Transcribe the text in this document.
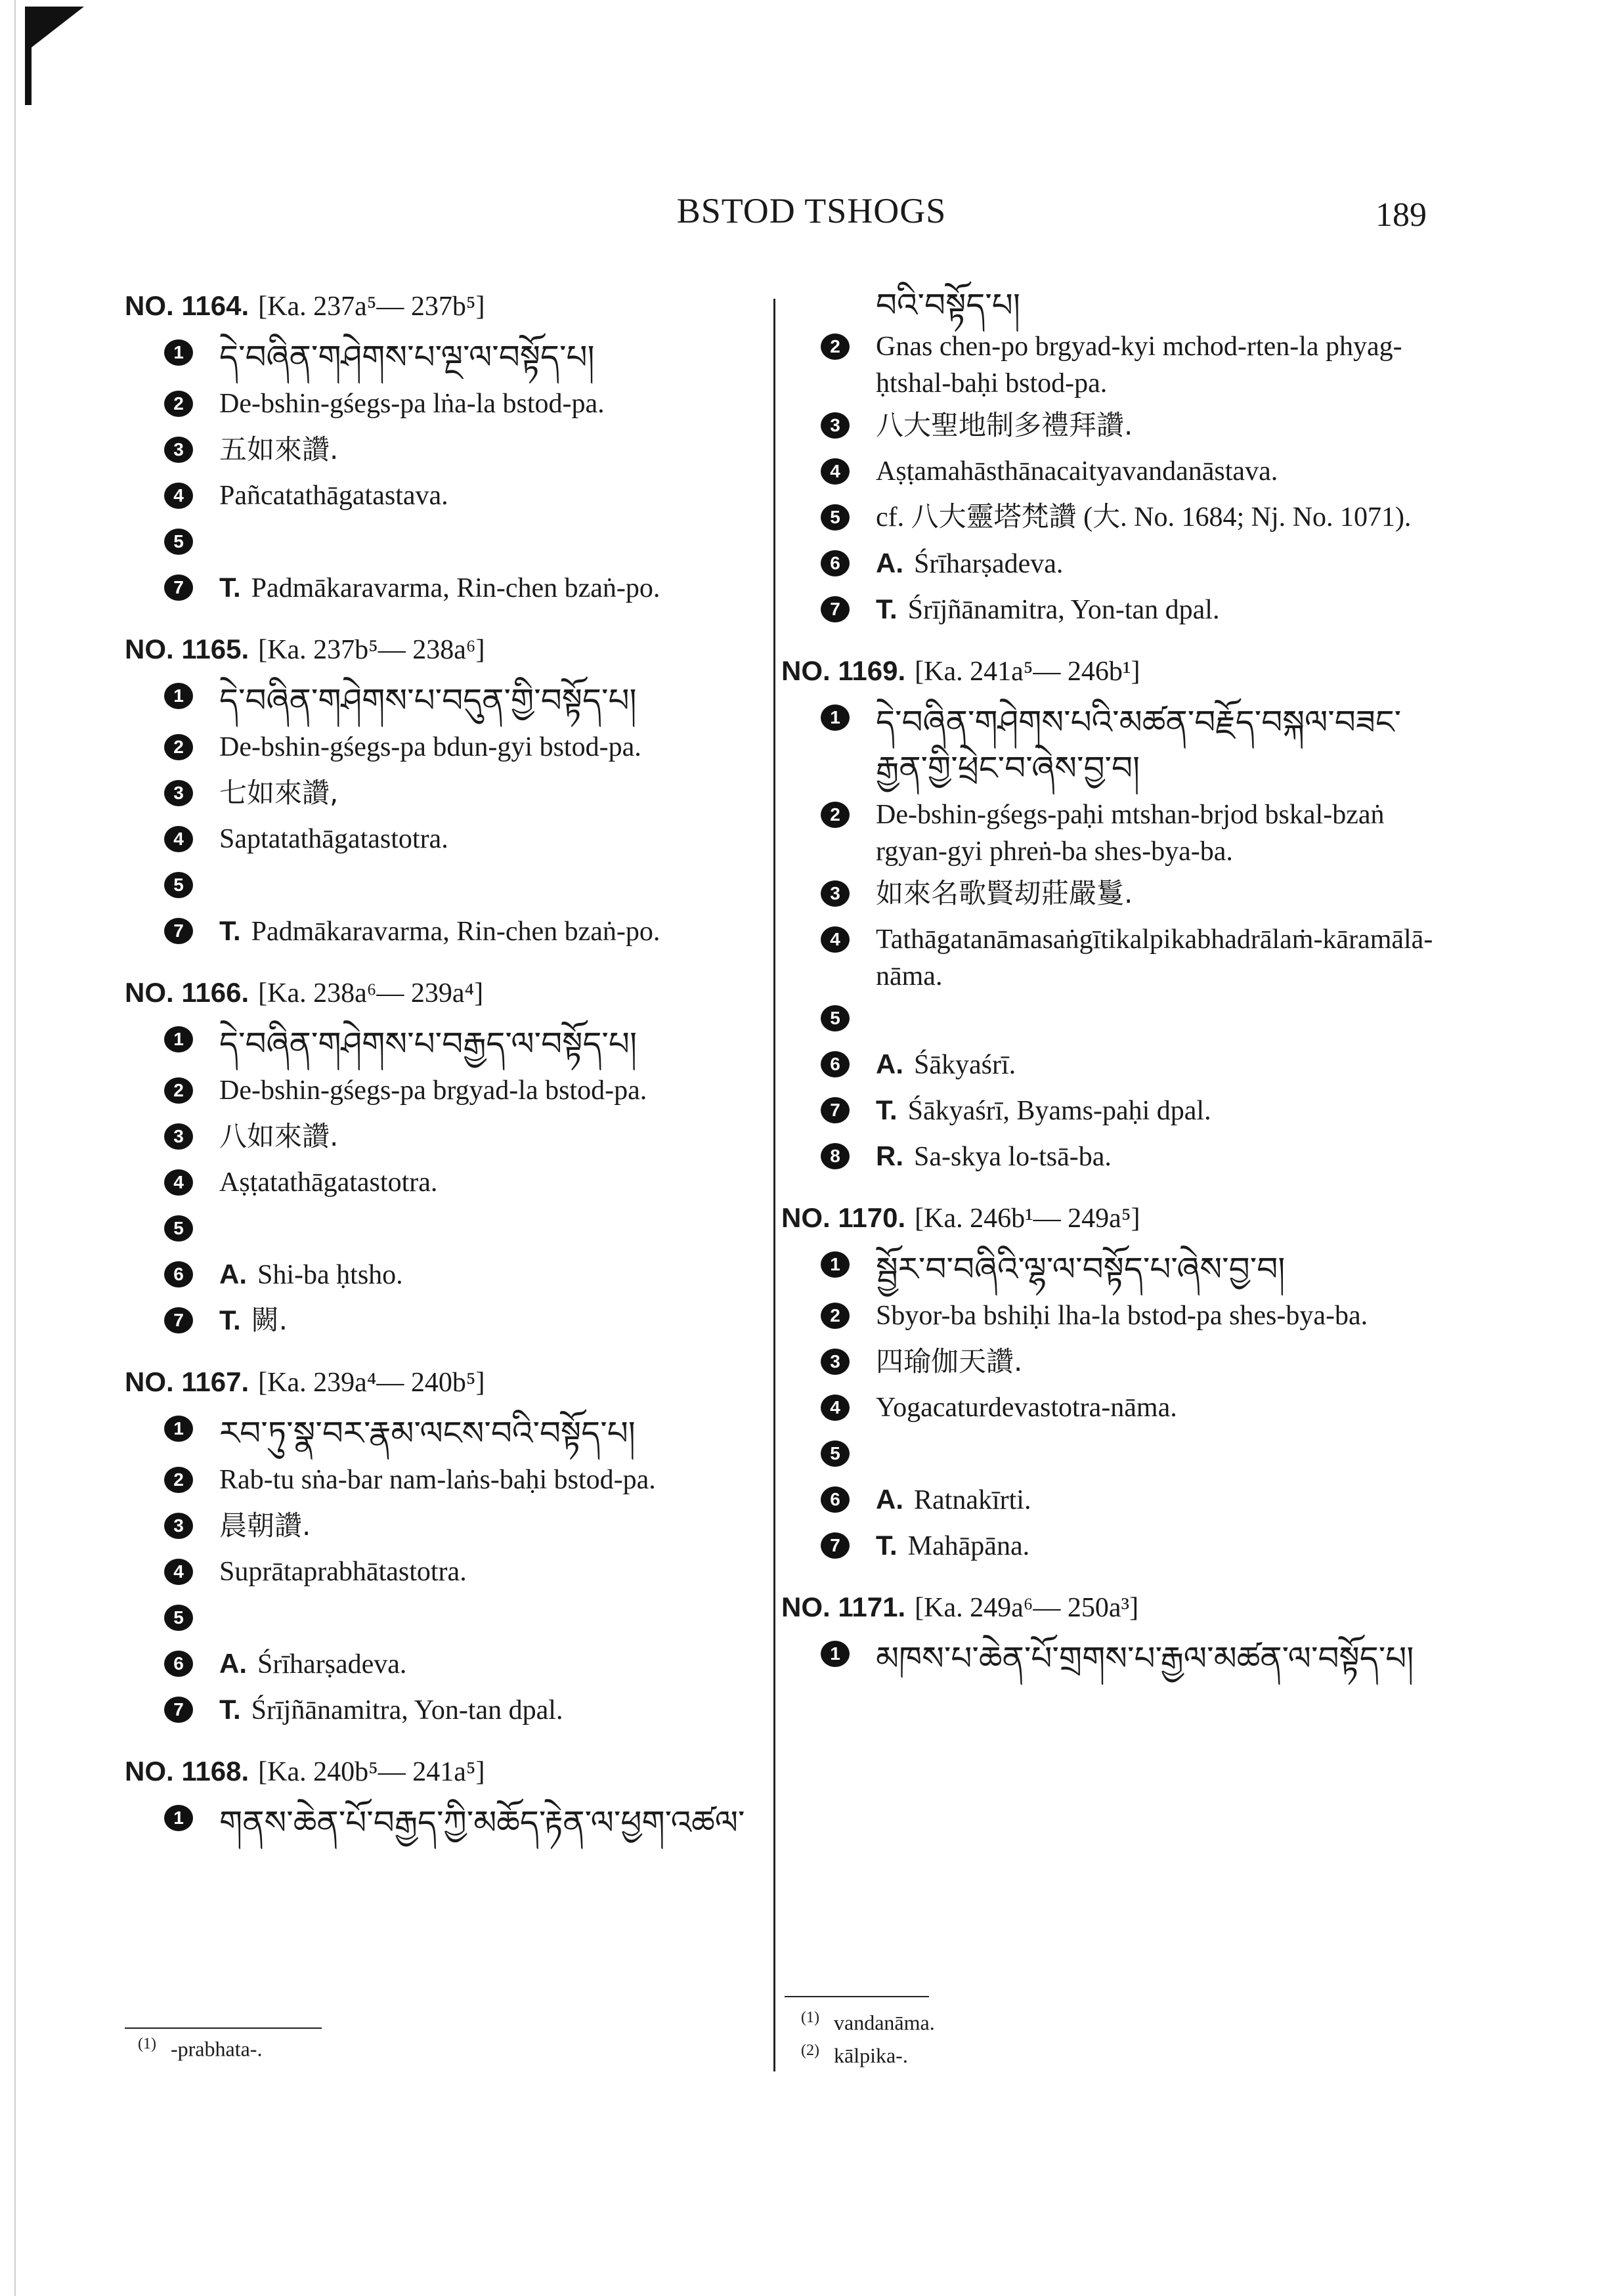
BSTOD TSHOGS	189
NO. 1164. [Ka. 237a⁵— 237b⁵]
1 དེ་བཞིན་གཤེགས་པ་ལྔ་ལ་བསྟོད་པ།
2	De-bshin-gśegs-pa lṅa-la bstod-pa.
3	五如來讚.
4	Pañcatathāgatastava.
5
7	T. Padmākaravarma, Rin-chen bzaṅ-po.
NO. 1165. [Ka. 237b⁵— 238a⁶]
1 དེ་བཞིན་གཤེགས་པ་བདུན་གྱི་བསྟོད་པ།
2	De-bshin-gśegs-pa bdun-gyi bstod-pa.
3	七如來讚,
4	Saptatathāgatastotra.
5
7	T. Padmākaravarma, Rin-chen bzaṅ-po.
NO. 1166. [Ka. 238a⁶— 239a⁴]
1 དེ་བཞིན་གཤེགས་པ་བརྒྱད་ལ་བསྟོད་པ།
2	De-bshin-gśegs-pa brgyad-la bstod-pa.
3	八如來讚.
4	Aṣṭatathāgatastotra.
5
6	A. Shi-ba ḥtsho.
7	T. 闕.
NO. 1167. [Ka. 239a⁴— 240b⁵]
1 རབ་ཏུ་སྣ་བར་རྣམ་ལངས་བའི་བསྟོད་པ།
2	Rab-tu sṅa-bar nam-laṅs-baḥi bstod-pa.
3	晨朝讚.
4	Suprātaprabhātastotra.
5
6	A. Śrīharṣadeva.
7	T. Śrījñānamitra, Yon-tan dpal.
NO. 1168. [Ka. 240b⁵— 241a⁵]
1 གནས་ཆེན་པོ་བརྒྱད་ཀྱི་མཆོད་རྟེན་ལ་ཕྱག་འཚལ་
བའི་བསྟོད་པ།
2	Gnas chen-po brgyad-kyi mchod-rten-la phyag-ḥtshal-baḥi bstod-pa.
3	八大聖地制多禮拜讚.
4	Aṣṭamahāsthānacaityavandanāstava.
5	cf. 八大靈塔梵讚 (大. No. 1684; Nj. No. 1071).
6	A. Śrīharṣadeva.
7	T. Śrījñānamitra, Yon-tan dpal.
NO. 1169. [Ka. 241a⁵— 246b¹]
1 དེ་བཞིན་གཤེགས་པའི་མཚན་བརྗོད་བསྐལ་བཟང་རྒྱན་གྱི་ཕྲེང་བ་ཞེས་བྱ་བ།
2	De-bshin-gśegs-paḥi mtshan-brjod bskal-bzaṅ rgyan-gyi phreṅ-ba shes-bya-ba.
3	如來名歌賢刧莊嚴鬘.
4	Tathāgatanāmasaṅgītikalpikabhadrālaṁ-kāramālā-nāma.
5
6	A. Śākyaśrī.
7	T. Śākyaśrī, Byams-paḥi dpal.
8	R. Sa-skya lo-tsā-ba.
NO. 1170. [Ka. 246b¹— 249a⁵]
1 སྦྱོར་བ་བཞིའི་ལྷ་ལ་བསྟོད་པ་ཞེས་བྱ་བ།
2	Sbyor-ba bshiḥi lha-la bstod-pa shes-bya-ba.
3	四瑜伽天讚.
4	Yogacaturdevastotra-nāma.
5
6	A. Ratnakīrti.
7	T. Mahāpāna.
NO. 1171. [Ka. 249a⁶— 250a³]
1 མཁས་པ་ཆེན་པོ་གྲགས་པ་རྒྱལ་མཚན་ལ་བསྟོད་པ།
$^{(1)}$ -prabhata-.
$^{(1)}$ vandanāma.
$^{(2)}$ kālpika-.
